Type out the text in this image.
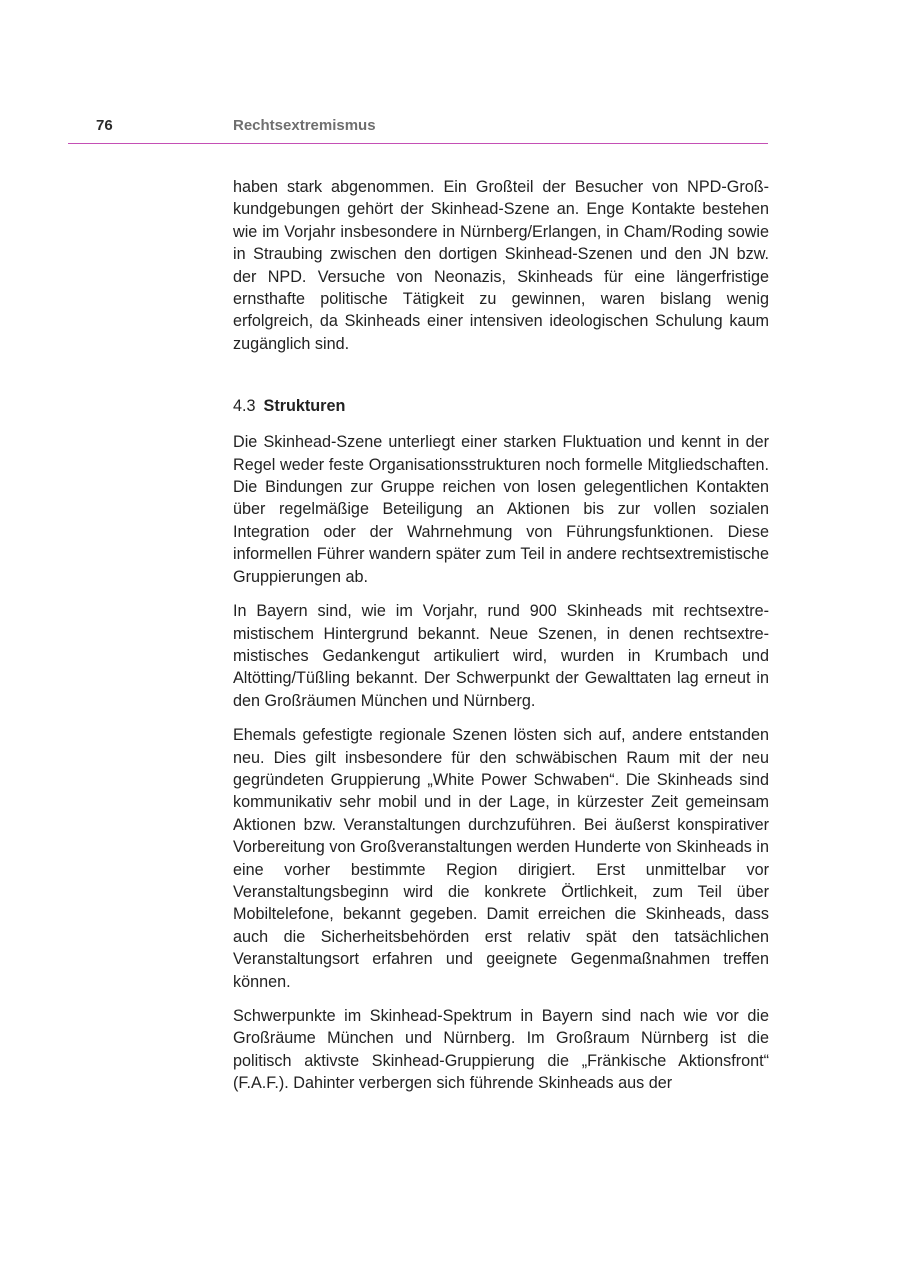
76	Rechtsextremismus

haben stark abgenommen. Ein Großteil der Besucher von NPD-Großkundgebungen gehört der Skinhead-Szene an. Enge Kontakte bestehen wie im Vorjahr insbesondere in Nürnberg/Erlangen, in Cham/Roding sowie in Straubing zwischen den dortigen Skinhead-Szenen und den JN bzw. der NPD. Versuche von Neonazis, Skinheads für eine längerfristige ernsthafte politische Tätigkeit zu gewinnen, waren bislang wenig erfolgreich, da Skinheads einer intensiven ideologischen Schulung kaum zugänglich sind.

4.3 Strukturen

Die Skinhead-Szene unterliegt einer starken Fluktuation und kennt in der Regel weder feste Organisationsstrukturen noch formelle Mitgliedschaften. Die Bindungen zur Gruppe reichen von losen gelegentlichen Kontakten über regelmäßige Beteiligung an Aktionen bis zur vollen sozialen Integration oder der Wahrnehmung von Führungsfunktionen. Diese informellen Führer wandern später zum Teil in andere rechtsextremistische Gruppierungen ab.

In Bayern sind, wie im Vorjahr, rund 900 Skinheads mit rechtsextremistischem Hintergrund bekannt. Neue Szenen, in denen rechtsextremistisches Gedankengut artikuliert wird, wurden in Krumbach und Altötting/Tüßling bekannt. Der Schwerpunkt der Gewalttaten lag erneut in den Großräumen München und Nürnberg.

Ehemals gefestigte regionale Szenen lösten sich auf, andere entstanden neu. Dies gilt insbesondere für den schwäbischen Raum mit der neu gegründeten Gruppierung „White Power Schwaben“. Die Skinheads sind kommunikativ sehr mobil und in der Lage, in kürzester Zeit gemeinsam Aktionen bzw. Veranstaltungen durchzuführen. Bei äußerst konspirativer Vorbereitung von Großveranstaltungen werden Hunderte von Skinheads in eine vorher bestimmte Region dirigiert. Erst unmittelbar vor Veranstaltungsbeginn wird die konkrete Örtlichkeit, zum Teil über Mobiltelefone, bekannt gegeben. Damit erreichen die Skinheads, dass auch die Sicherheitsbehörden erst relativ spät den tatsächlichen Veranstaltungsort erfahren und geeignete Gegenmaßnahmen treffen können.

Schwerpunkte im Skinhead-Spektrum in Bayern sind nach wie vor die Großräume München und Nürnberg. Im Großraum Nürnberg ist die politisch aktivste Skinhead-Gruppierung die „Fränkische Aktionsfront“ (F.A.F.). Dahinter verbergen sich führende Skinheads aus der
